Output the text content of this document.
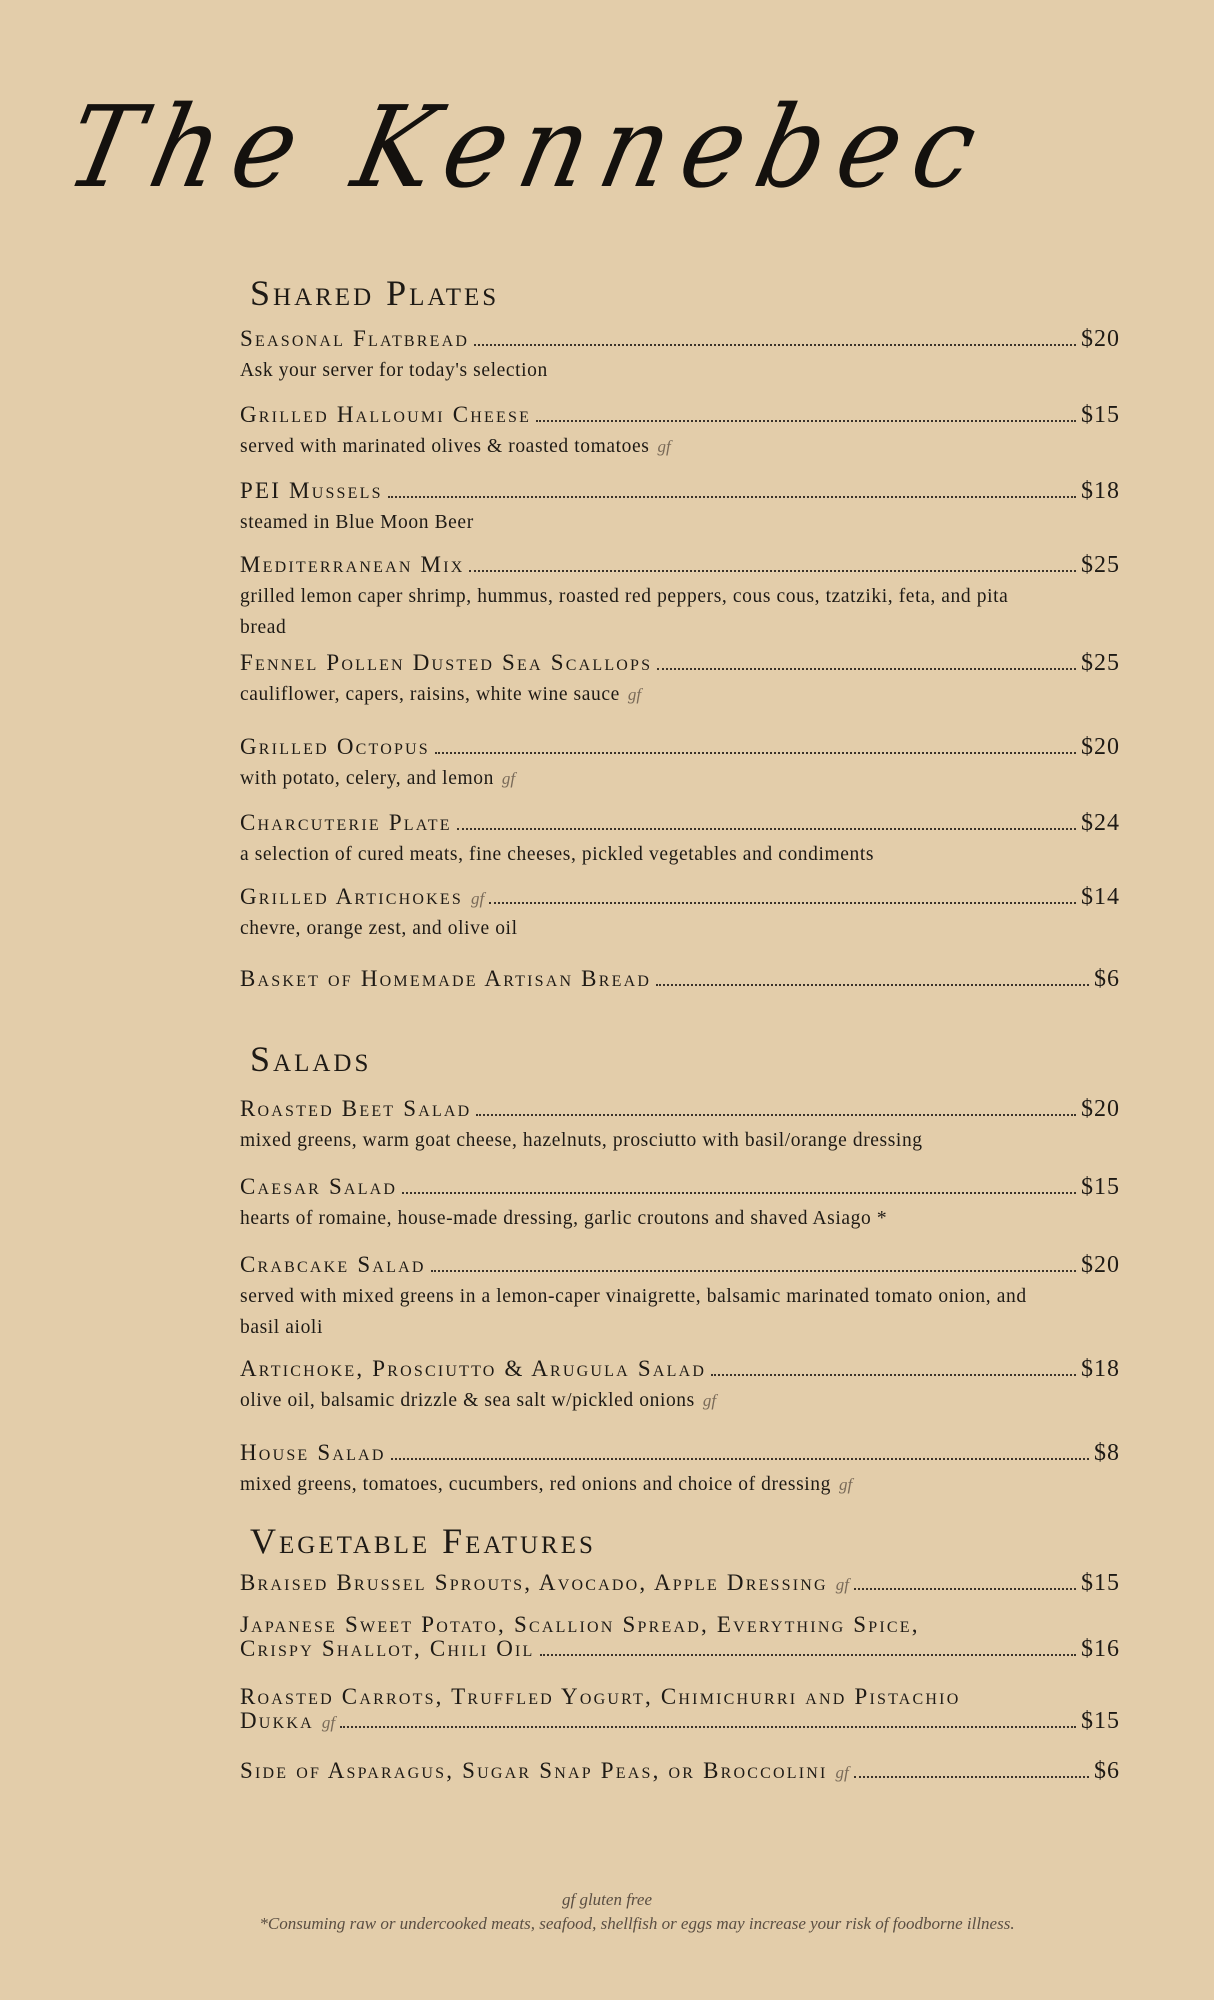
The Kennebec
Shared Plates
Seasonal Flatbread	$20
Ask your server for today's selection
Grilled Halloumi Cheese	$15
served with marinated olives & roasted tomatoes gf
PEI Mussels	$18
steamed in Blue Moon Beer
Mediterranean Mix	$25
grilled lemon caper shrimp, hummus, roasted red peppers, cous cous, tzatziki, feta, and pita bread
Fennel Pollen Dusted Sea Scallops	$25
cauliflower, capers, raisins, white wine sauce gf
Grilled Octopus	$20
with potato, celery, and lemon gf
Charcuterie Plate	$24
a selection of cured meats, fine cheeses, pickled vegetables and condiments
Grilled Artichokes gf	$14
chevre, orange zest, and olive oil
Basket of Homemade Artisan Bread	$6
Salads
Roasted Beet Salad	$20
mixed greens, warm goat cheese, hazelnuts, prosciutto with basil/orange dressing
Caesar Salad	$15
hearts of romaine, house-made dressing, garlic croutons and shaved Asiago *
Crabcake Salad	$20
served with mixed greens in a lemon-caper vinaigrette, balsamic marinated tomato onion, and basil aioli
Artichoke, Prosciutto & Arugula Salad	$18
olive oil, balsamic drizzle & sea salt w/pickled onions gf
House Salad	$8
mixed greens, tomatoes, cucumbers, red onions and choice of dressing gf
Vegetable Features
Braised Brussel Sprouts, Avocado, Apple Dressing gf	$15
Japanese Sweet Potato, Scallion Spread, Everything Spice,
Crispy Shallot, Chili Oil	$16
Roasted Carrots, Truffled Yogurt, Chimichurri and Pistachio
Dukka gf	$15
Side of Asparagus, Sugar Snap Peas, or Broccolini gf	$6
gf gluten free
*Consuming raw or undercooked meats, seafood, shellfish or eggs may increase your risk of foodborne illness.
